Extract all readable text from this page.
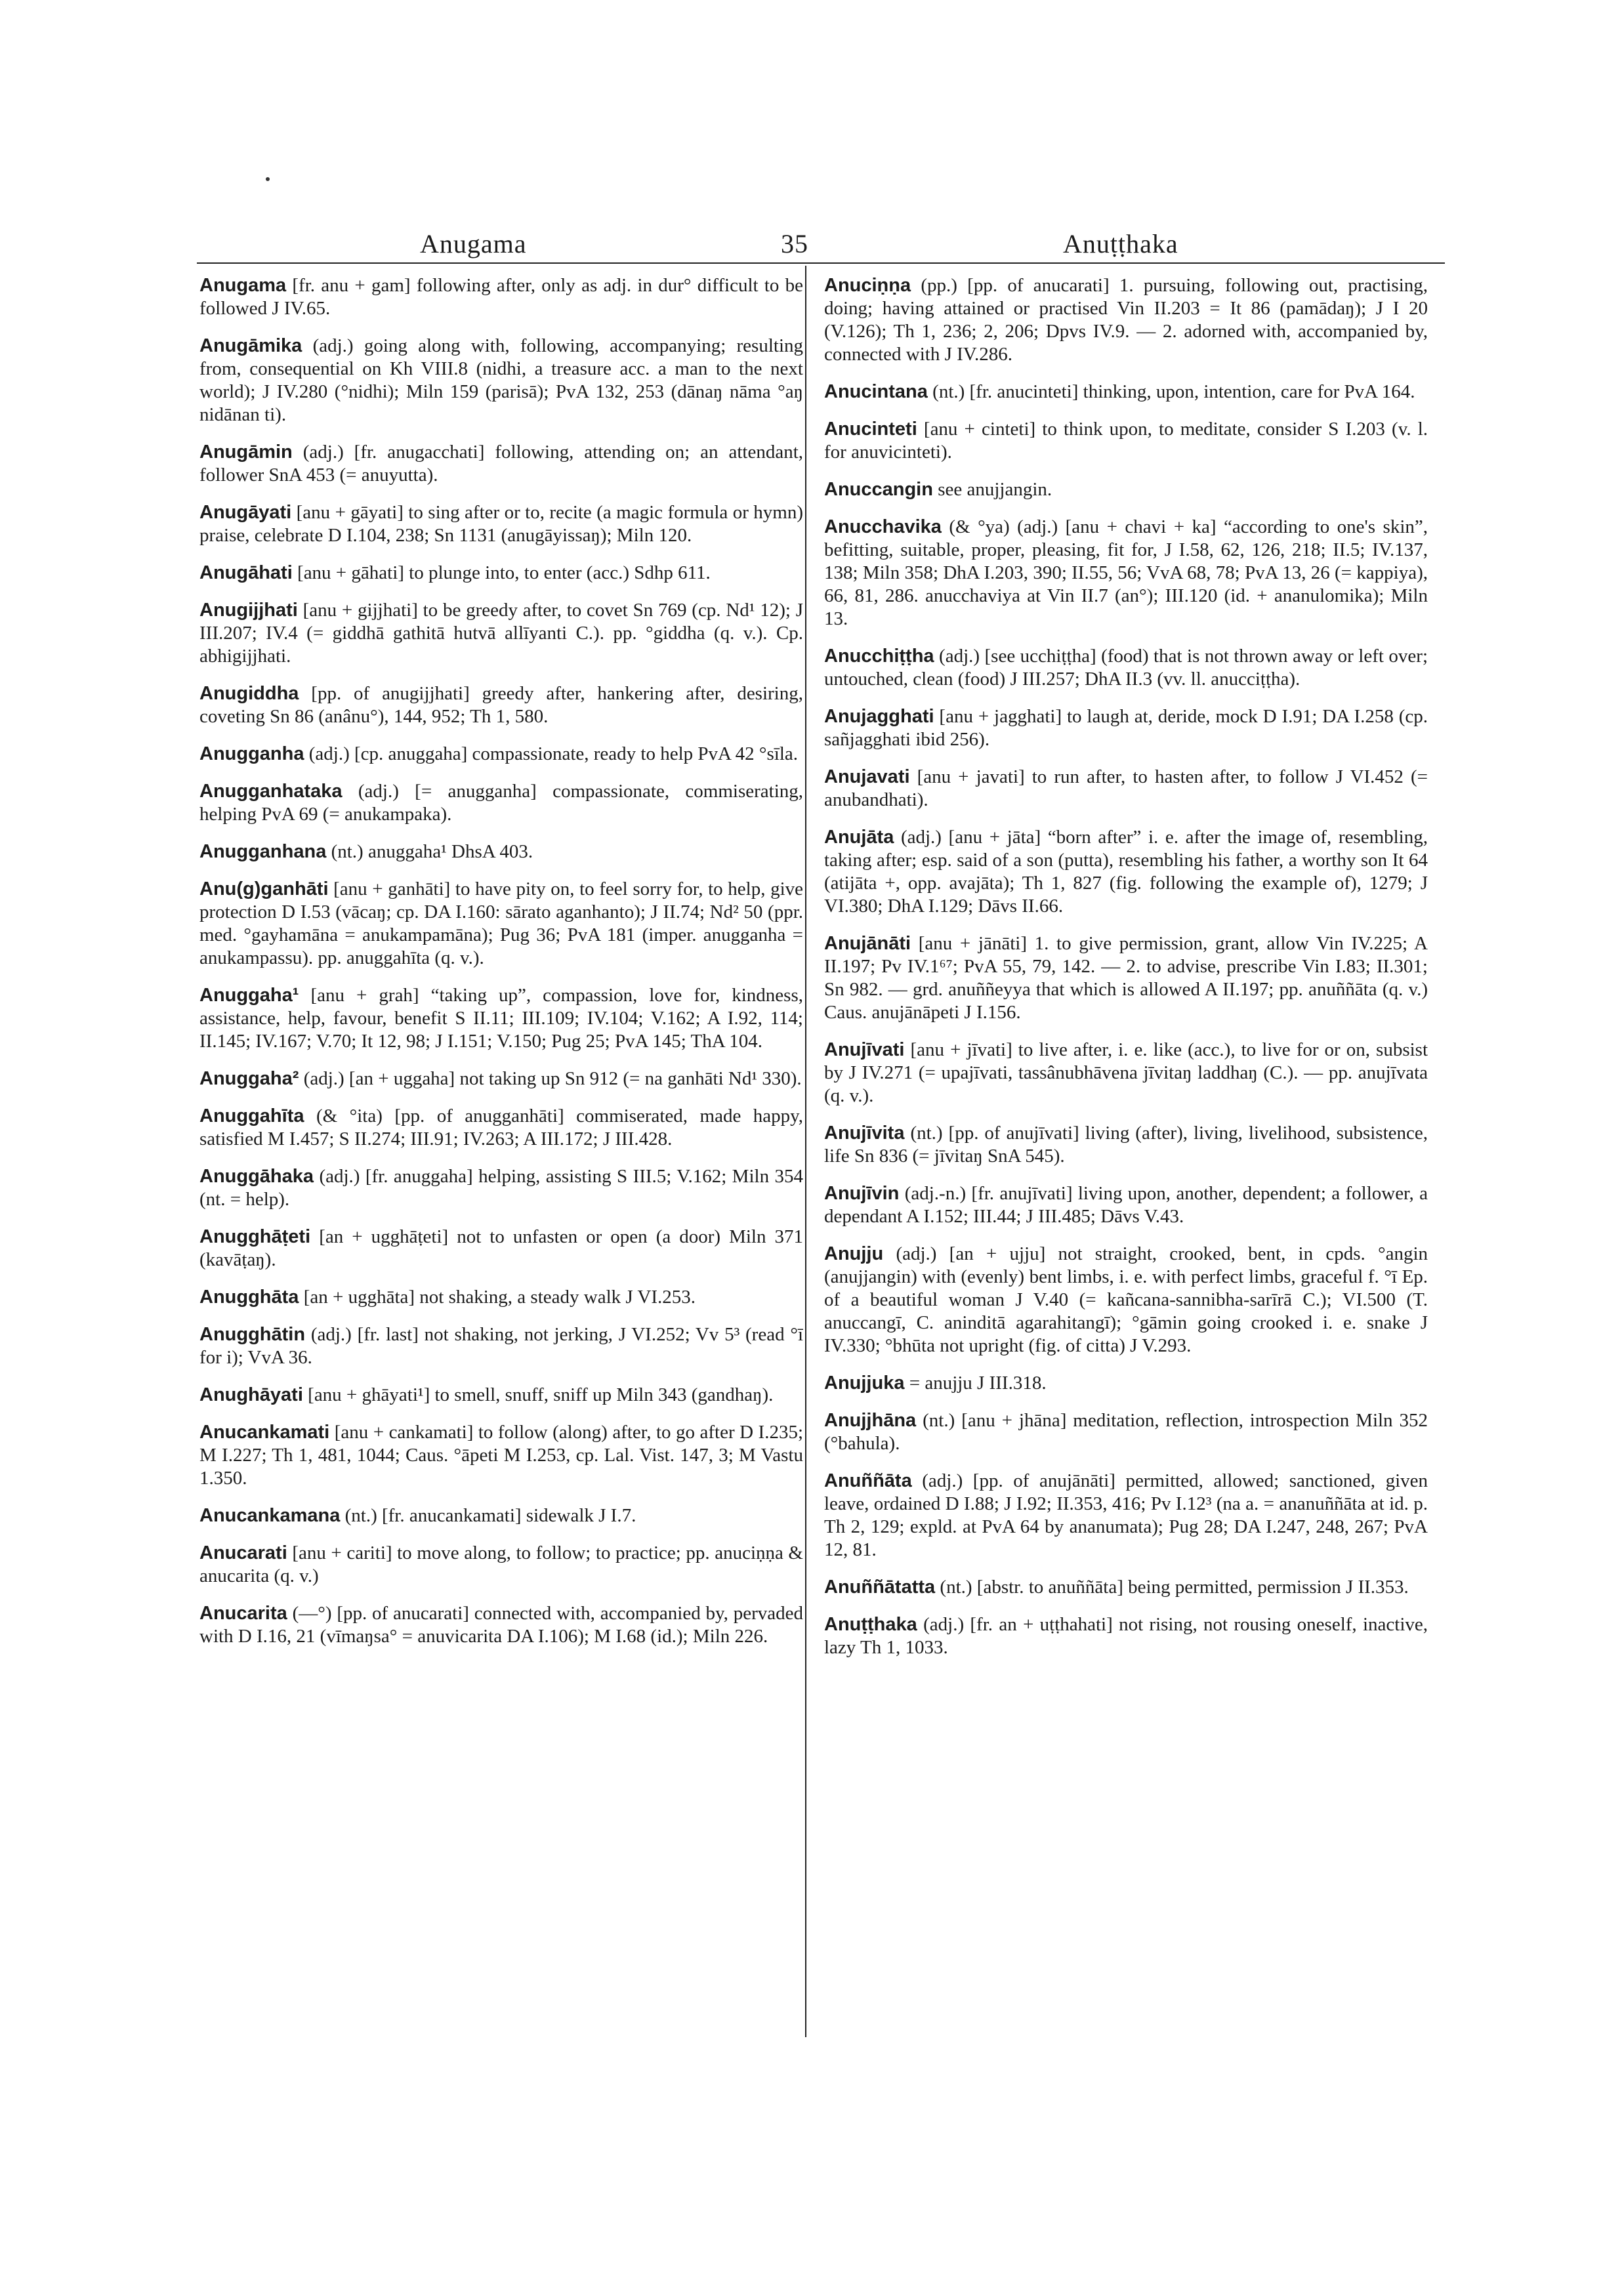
Anugama	35	Anuṭṭhaka

Anugama [fr. anu + gam] following after, only as adj. in dur° difficult to be followed J IV.65.

Anugāmika (adj.) going along with, following, accompanying; resulting from, consequential on Kh VIII.8 (nidhi, a treasure acc. a man to the next world); J IV.280 (°nidhi); Miln 159 (parisā); PvA 132, 253 (dānaŋ nāma °aŋ nidānan ti).

Anugāmin (adj.) [fr. anugacchati] following, attending on; an attendant, follower SnA 453 (= anuyutta).

Anugāyati [anu + gāyati] to sing after or to, recite (a magic formula or hymn) praise, celebrate D I.104, 238; Sn 1131 (anugāyissaŋ); Miln 120.

Anugāhati [anu + gāhati] to plunge into, to enter (acc.) Sdhp 611.

Anugijjhati [anu + gijjhati] to be greedy after, to covet Sn 769 (cp. Nd¹ 12); J III.207; IV.4 (= giddhā gathitā hutvā allīyanti C.). pp. °giddha (q. v.). Cp. abhigijjhati.

Anugiddha [pp. of anugijjhati] greedy after, hankering after, desiring, coveting Sn 86 (anânu°), 144, 952; Th 1, 580.

Anugganha (adj.) [cp. anuggaha] compassionate, ready to help PvA 42 °sīla.

Anugganhataka (adj.) [= anugganha] compassionate, commiserating, helping PvA 69 (= anukampaka).

Anugganhana (nt.) anuggaha¹ DhsA 403.

Anu(g)ganhāti [anu + ganhāti] to have pity on, to feel sorry for, to help, give protection D I.53 (vācaŋ; cp. DA I.160: sārato aganhanto); J II.74; Nd² 50 (ppr. med. °gayhamāna = anukampamāna); Pug 36; PvA 181 (imper. anugganha = anukampassu). pp. anuggahīta (q. v.).

Anuggaha¹ [anu + grah] “taking up”, compassion, love for, kindness, assistance, help, favour, benefit S II.11; III.109; IV.104; V.162; A I.92, 114; II.145; IV.167; V.70; It 12, 98; J I.151; V.150; Pug 25; PvA 145; ThA 104.

Anuggaha² (adj.) [an + uggaha] not taking up Sn 912 (= na ganhāti Nd¹ 330).

Anuggahīta (& °ita) [pp. of anugganhāti] commiserated, made happy, satisfied M I.457; S II.274; III.91; IV.263; A III.172; J III.428.

Anuggāhaka (adj.) [fr. anuggaha] helping, assisting S III.5; V.162; Miln 354 (nt. = help).

Anugghāṭeti [an + ugghāṭeti] not to unfasten or open (a door) Miln 371 (kavāṭaŋ).

Anugghāta [an + ugghāta] not shaking, a steady walk J VI.253.

Anugghātin (adj.) [fr. last] not shaking, not jerking, J VI.252; Vv 5³ (read °ī for i); VvA 36.

Anughāyati [anu + ghāyati¹] to smell, snuff, sniff up Miln 343 (gandhaŋ).

Anucankamati [anu + cankamati] to follow (along) after, to go after D I.235; M I.227; Th 1, 481, 1044; Caus. °āpeti M I.253, cp. Lal. Vist. 147, 3; M Vastu 1.350.

Anucankamana (nt.) [fr. anucankamati] sidewalk J I.7.

Anucarati [anu + cariti] to move along, to follow; to practice; pp. anuciṇṇa & anucarita (q. v.)

Anucarita (—°) [pp. of anucarati] connected with, accompanied by, pervaded with D I.16, 21 (vīmaŋsa° = anuvicarita DA I.106); M I.68 (id.); Miln 226.

Anuciṇṇa (pp.) [pp. of anucarati] 1. pursuing, following out, practising, doing; having attained or practised Vin II.203 = It 86 (pamādaŋ); J I 20 (V.126); Th 1, 236; 2, 206; Dpvs IV.9. — 2. adorned with, accompanied by, connected with J IV.286.

Anucintana (nt.) [fr. anucinteti] thinking, upon, intention, care for PvA 164.

Anucinteti [anu + cinteti] to think upon, to meditate, consider S I.203 (v. l. for anuvicinteti).

Anuccangin see anujjangin.

Anucchavika (& °ya) (adj.) [anu + chavi + ka] “according to one's skin”, befitting, suitable, proper, pleasing, fit for, J I.58, 62, 126, 218; II.5; IV.137, 138; Miln 358; DhA I.203, 390; II.55, 56; VvA 68, 78; PvA 13, 26 (= kappiya), 66, 81, 286. anucchaviya at Vin II.7 (an°); III.120 (id. + ananulomika); Miln 13.

Anucchiṭṭha (adj.) [see ucchiṭṭha] (food) that is not thrown away or left over; untouched, clean (food) J III.257; DhA II.3 (vv. ll. anucciṭṭha).

Anujagghati [anu + jagghati] to laugh at, deride, mock D I.91; DA I.258 (cp. sañjagghati ibid 256).

Anujavati [anu + javati] to run after, to hasten after, to follow J VI.452 (= anubandhati).

Anujāta (adj.) [anu + jāta] “born after” i. e. after the image of, resembling, taking after; esp. said of a son (putta), resembling his father, a worthy son It 64 (atijāta +, opp. avajāta); Th 1, 827 (fig. following the example of), 1279; J VI.380; DhA I.129; Dāvs II.66.

Anujānāti [anu + jānāti] 1. to give permission, grant, allow Vin IV.225; A II.197; Pv IV.1⁶⁷; PvA 55, 79, 142. — 2. to advise, prescribe Vin I.83; II.301; Sn 982. — grd. anuññeyya that which is allowed A II.197; pp. anuññāta (q. v.) Caus. anujānāpeti J I.156.

Anujīvati [anu + jīvati] to live after, i. e. like (acc.), to live for or on, subsist by J IV.271 (= upajīvati, tassânubhāvena jīvitaŋ laddhaŋ (C.). — pp. anujīvata (q. v.).

Anujīvita (nt.) [pp. of anujīvati] living (after), living, livelihood, subsistence, life Sn 836 (= jīvitaŋ SnA 545).

Anujīvin (adj.-n.) [fr. anujīvati] living upon, another, dependent; a follower, a dependant A I.152; III.44; J III.485; Dāvs V.43.

Anujju (adj.) [an + ujju] not straight, crooked, bent, in cpds. °angin (anujjangin) with (evenly) bent limbs, i. e. with perfect limbs, graceful f. °ī Ep. of a beautiful woman J V.40 (= kañcana-sannibha-sarīrā C.); VI.500 (T. anuccangī, C. aninditā agarahitangī); °gāmin going crooked i. e. snake J IV.330; °bhūta not upright (fig. of citta) J V.293.

Anujjuka = anujju J III.318.

Anujjhāna (nt.) [anu + jhāna] meditation, reflection, introspection Miln 352 (°bahula).

Anuññāta (adj.) [pp. of anujānāti] permitted, allowed; sanctioned, given leave, ordained D I.88; J I.92; II.353, 416; Pv I.12³ (na a. = ananuññāta at id. p. Th 2, 129; expld. at PvA 64 by ananumata); Pug 28; DA I.247, 248, 267; PvA 12, 81.

Anuññātatta (nt.) [abstr. to anuññāta] being permitted, permission J II.353.

Anuṭṭhaka (adj.) [fr. an + uṭṭhahati] not rising, not rousing oneself, inactive, lazy Th 1, 1033.
